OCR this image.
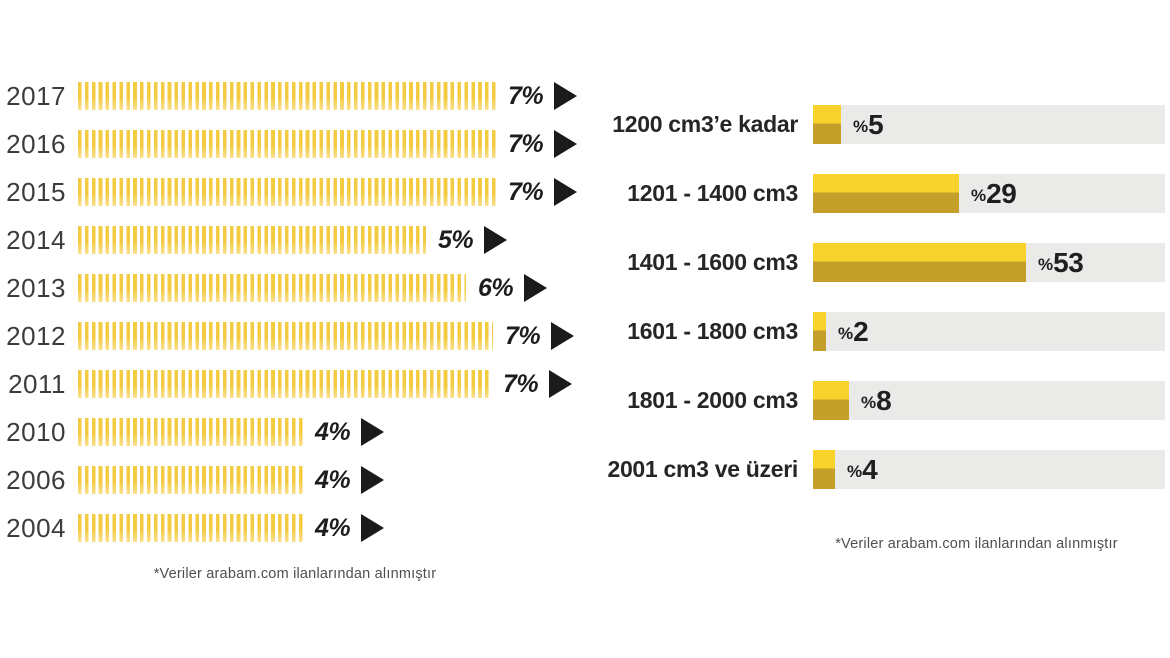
2017	7%
2016	7%
2015	7%
2014	5%
2013	6%
2012	7%
2011	7%
2010	4%
2006	4%
2004	4%
*Veriler arabam.com ilanlarından alınmıştır
1200 cm3’e kadar	%5
1201 - 1400 cm3	%29
1401 - 1600 cm3	%53
1601 - 1800 cm3 %2
1801 - 2000 cm3	%8
2001 cm3 ve üzeri	%4
*Veriler arabam.com ilanlarından alınmıştır
